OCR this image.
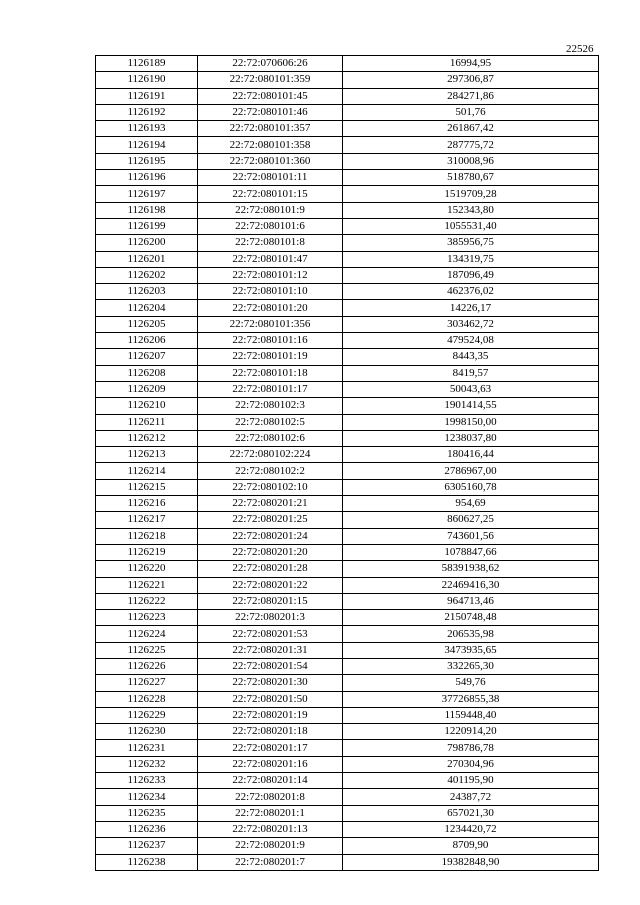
22526
1126189	22:72:070606:26	16994,95
1126190	22:72:080101:359	297306,87
1126191	22:72:080101:45	284271,86
1126192	22:72:080101:46	501,76
1126193	22:72:080101:357	261867,42
1126194	22:72:080101:358	287775,72
1126195	22:72:080101:360	310008,96
1126196	22:72:080101:11	518780,67
1126197	22:72:080101:15	1519709,28
1126198	22:72:080101:9	152343,80
1126199	22:72:080101:6	1055531,40
1126200	22:72:080101:8	385956,75
1126201	22:72:080101:47	134319,75
1126202	22:72:080101:12	187096,49
1126203	22:72:080101:10	462376,02
1126204	22:72:080101:20	14226,17
1126205	22:72:080101:356	303462,72
1126206	22:72:080101:16	479524,08
1126207	22:72:080101:19	8443,35
1126208	22:72:080101:18	8419,57
1126209	22:72:080101:17	50043,63
1126210	22:72:080102:3	1901414,55
1126211	22:72:080102:5	1998150,00
1126212	22:72:080102:6	1238037,80
1126213	22:72:080102:224	180416,44
1126214	22:72:080102:2	2786967,00
1126215	22:72:080102:10	6305160,78
1126216	22:72:080201:21	954,69
1126217	22:72:080201:25	860627,25
1126218	22:72:080201:24	743601,56
1126219	22:72:080201:20	1078847,66
1126220	22:72:080201:28	58391938,62
1126221	22:72:080201:22	22469416,30
1126222	22:72:080201:15	964713,46
1126223	22:72:080201:3	2150748,48
1126224	22:72:080201:53	206535,98
1126225	22:72:080201:31	3473935,65
1126226	22:72:080201:54	332265,30
1126227	22:72:080201:30	549,76
1126228	22:72:080201:50	37726855,38
1126229	22:72:080201:19	1159448,40
1126230	22:72:080201:18	1220914,20
1126231	22:72:080201:17	798786,78
1126232	22:72:080201:16	270304,96
1126233	22:72:080201:14	401195,90
1126234	22:72:080201:8	24387,72
1126235	22:72:080201:1	657021,30
1126236	22:72:080201:13	1234420,72
1126237	22:72:080201:9	8709,90
1126238	22:72:080201:7	19382848,90
